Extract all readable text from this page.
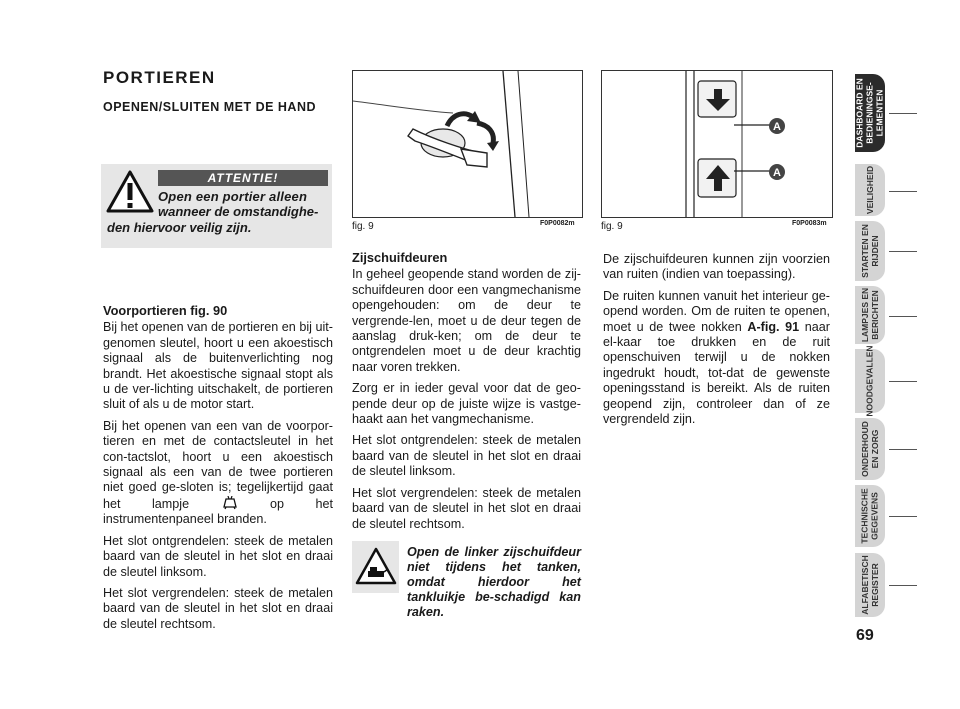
PORTIEREN
OPENEN/SLUITEN MET DE HAND
ATTENTIE!
Open een portier alleen
wanneer de omstandighe-
den hiervoor veilig zijn.
Voorportieren fig. 90

Bij het openen van de portieren en bij uit-genomen sleutel, hoort u een akoestisch signaal als de buitenverlichting nog brandt. Het akoestische signaal stopt als u de ver-lichting uitschakelt, de portieren sluit of als u de motor start.

Bij het openen van een van de voorpor-tieren en met de contactsleutel in het con-tactslot, hoort u een akoestisch signaal als een van de twee portieren niet goed ge-sloten is; tegelijkertijd gaat het lampje	op het instrumentenpaneel branden.

Het slot ontgrendelen: steek de metalen baard van de sleutel in het slot en draai de sleutel linksom.

Het slot vergrendelen: steek de metalen baard van de sleutel in het slot en draai de sleutel rechtsom.

fig. 9	F0P0082m
Zijschuifdeuren

In geheel geopende stand worden de zij-schuifdeuren door een vangmechanisme opengehouden: om de deur te vergrende-len, moet u de deur tegen de aanslag druk-ken; om de deur te ontgrendelen moet u de deur krachtig naar voren trekken.

Zorg er in ieder geval voor dat de geo-pende deur op de juiste wijze is vastge-haakt aan het vangmechanisme.

Het slot ontgrendelen: steek de metalen baard van de sleutel in het slot en draai de sleutel linksom.

Het slot vergrendelen: steek de metalen baard van de sleutel in het slot en draai de sleutel rechtsom.

Open de linker zijschuifdeur niet tijdens het tanken, omdat hierdoor het tankluikje be-schadigd kan raken.
A
A
fig. 9	F0P0083m

De zijschuifdeuren kunnen zijn voorzien van ruiten (indien van toepassing).

De ruiten kunnen vanuit het interieur ge-opend worden. Om de ruiten te openen, moet u de twee nokken A-fig. 91 naar el-kaar toe drukken en de ruit openschuiven terwijl u de nokken ingedrukt houdt, tot-dat de gewenste openingsstand is bereikt. Als de ruiten geopend zijn, controleer dan of ze vergrendeld zijn.

DASHBOARD EN
BEDIENINGSE-
LEMENTEN
VEILIGHEID
STARTEN EN
RIJDEN
LAMPJES EN
BERICHTEN
NOODGEVALLEN
ONDERHOUD
EN ZORG
TECHNISCHE
GEGEVENS
ALFABETISCH
REGISTER
69
